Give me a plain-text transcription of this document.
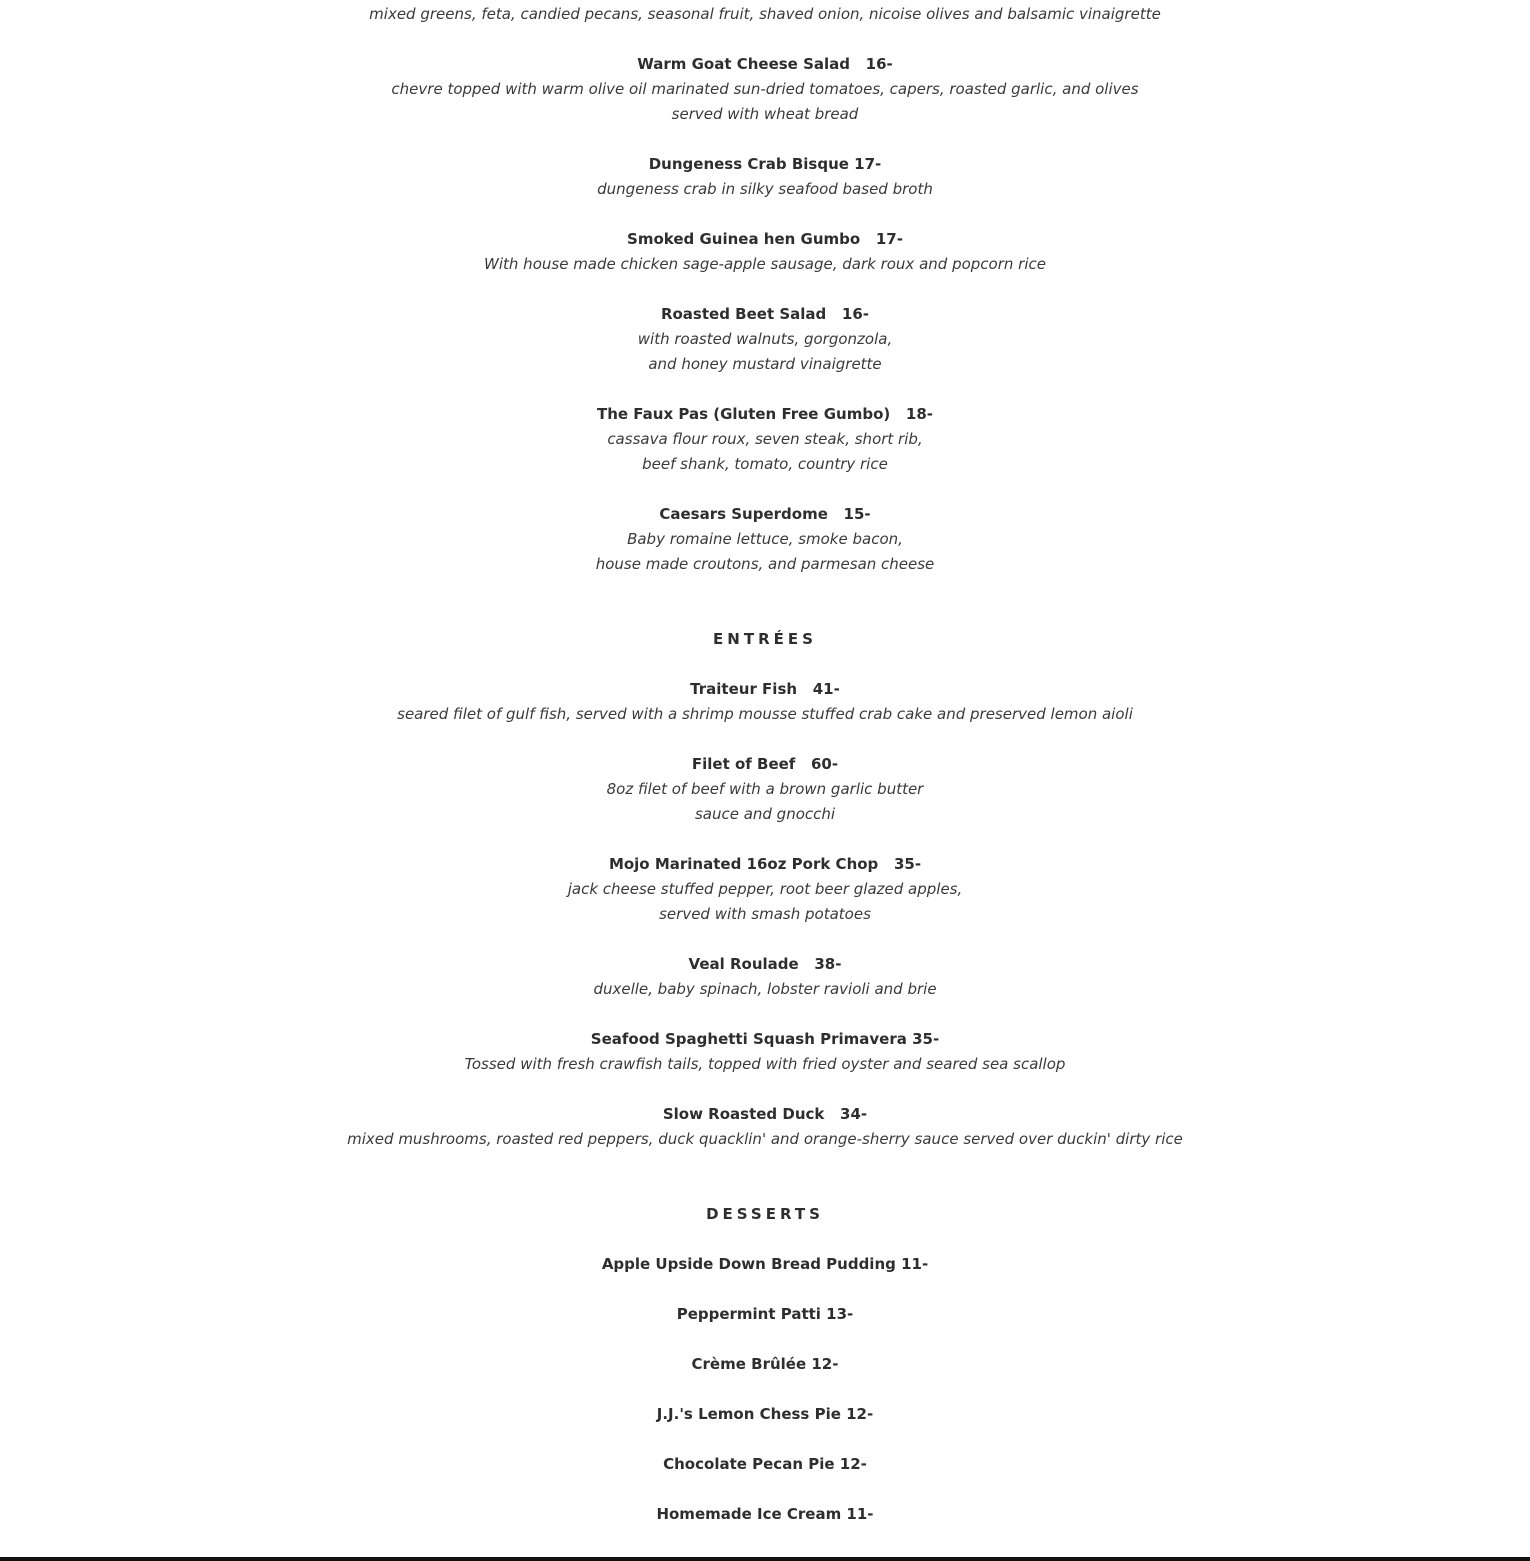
mixed greens, feta, candied pecans, seasonal fruit, shaved onion, nicoise olives and balsamic vinaigrette
Warm Goat Cheese Salad   16-
chevre topped with warm olive oil marinated sun-dried tomatoes, capers, roasted garlic, and olives
served with wheat bread
Dungeness Crab Bisque 17-
dungeness crab in silky seafood based broth
Smoked Guinea hen Gumbo   17-
With house made chicken sage-apple sausage, dark roux and popcorn rice
Roasted Beet Salad   16-
with roasted walnuts, gorgonzola,
and honey mustard vinaigrette
The Faux Pas (Gluten Free Gumbo)   18-
cassava flour roux, seven steak, short rib,
beef shank, tomato, country rice
Caesars Superdome   15-
Baby romaine lettuce, smoke bacon,
house made croutons, and parmesan cheese
ENTRÉES
Traiteur Fish   41-
seared filet of gulf fish, served with a shrimp mousse stuffed crab cake and preserved lemon aioli
Filet of Beef   60-
8oz filet of beef with a brown garlic butter
sauce and gnocchi
Mojo Marinated 16oz Pork Chop   35-
jack cheese stuffed pepper, root beer glazed apples,
served with smash potatoes
Veal Roulade   38-
duxelle, baby spinach, lobster ravioli and brie
Seafood Spaghetti Squash Primavera 35-
Tossed with fresh crawfish tails, topped with fried oyster and seared sea scallop
Slow Roasted Duck   34-
mixed mushrooms, roasted red peppers, duck quacklin' and orange-sherry sauce served over duckin' dirty rice
DESSERTS
Apple Upside Down Bread Pudding 11-
Peppermint Patti 13-
Crème Brûlée 12-
J.J.'s Lemon Chess Pie 12-
Chocolate Pecan Pie 12-
Homemade Ice Cream 11-
